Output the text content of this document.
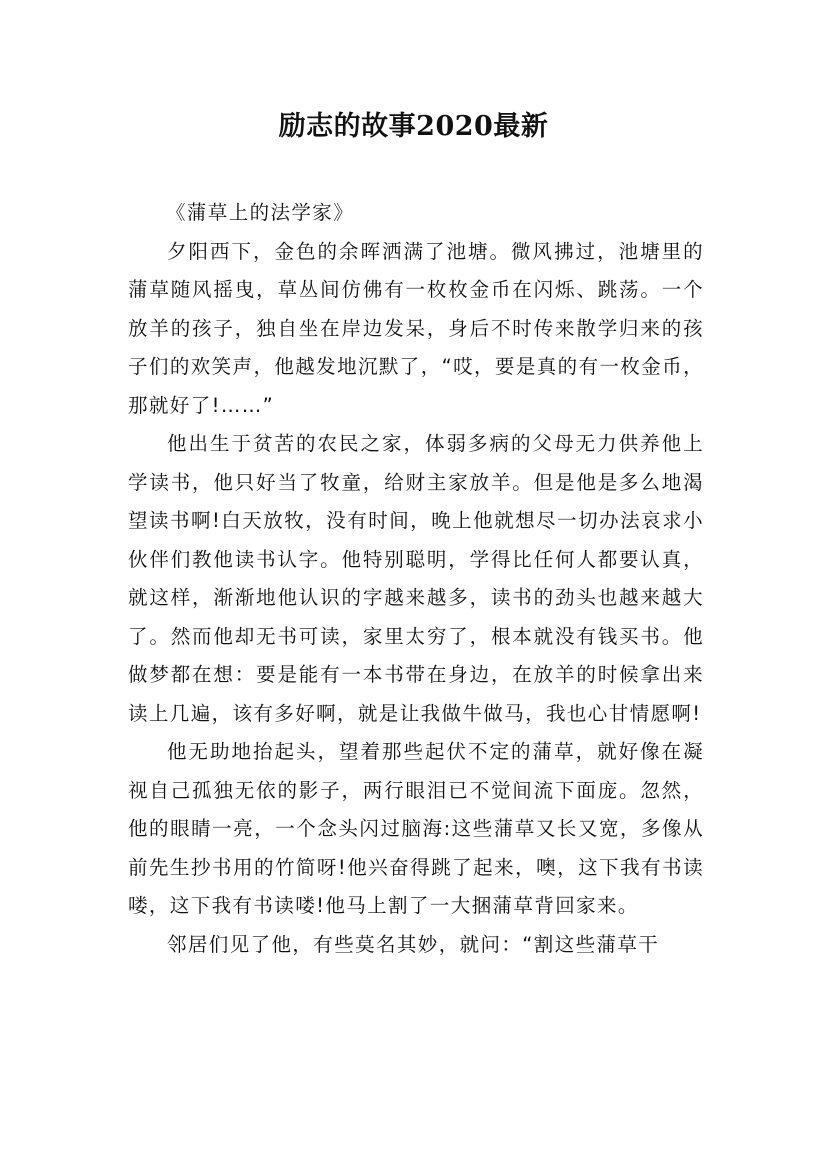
励志的故事2020最新

《蒲草上的法学家》

夕阳西下，金色的余晖洒满了池塘。微风拂过，池塘里的蒲草随风摇曳，草丛间仿佛有一枚枚金币在闪烁、跳荡。一个放羊的孩子，独自坐在岸边发呆，身后不时传来散学归来的孩子们的欢笑声，他越发地沉默了，“哎，要是真的有一枚金币，那就好了!……”

他出生于贫苦的农民之家，体弱多病的父母无力供养他上学读书，他只好当了牧童，给财主家放羊。但是他是多么地渴望读书啊!白天放牧，没有时间，晚上他就想尽一切办法哀求小伙伴们教他读书认字。他特别聪明，学得比任何人都要认真，就这样，渐渐地他认识的字越来越多，读书的劲头也越来越大了。然而他却无书可读，家里太穷了，根本就没有钱买书。他做梦都在想：要是能有一本书带在身边，在放羊的时候拿出来读上几遍，该有多好啊，就是让我做牛做马，我也心甘情愿啊!

他无助地抬起头，望着那些起伏不定的蒲草，就好像在凝视自己孤独无依的影子，两行眼泪已不觉间流下面庞。忽然，他的眼睛一亮，一个念头闪过脑海:这些蒲草又长又宽，多像从前先生抄书用的竹简呀!他兴奋得跳了起来，噢，这下我有书读喽，这下我有书读喽!他马上割了一大捆蒲草背回家来。

邻居们见了他，有些莫名其妙，就问：“割这些蒲草干
